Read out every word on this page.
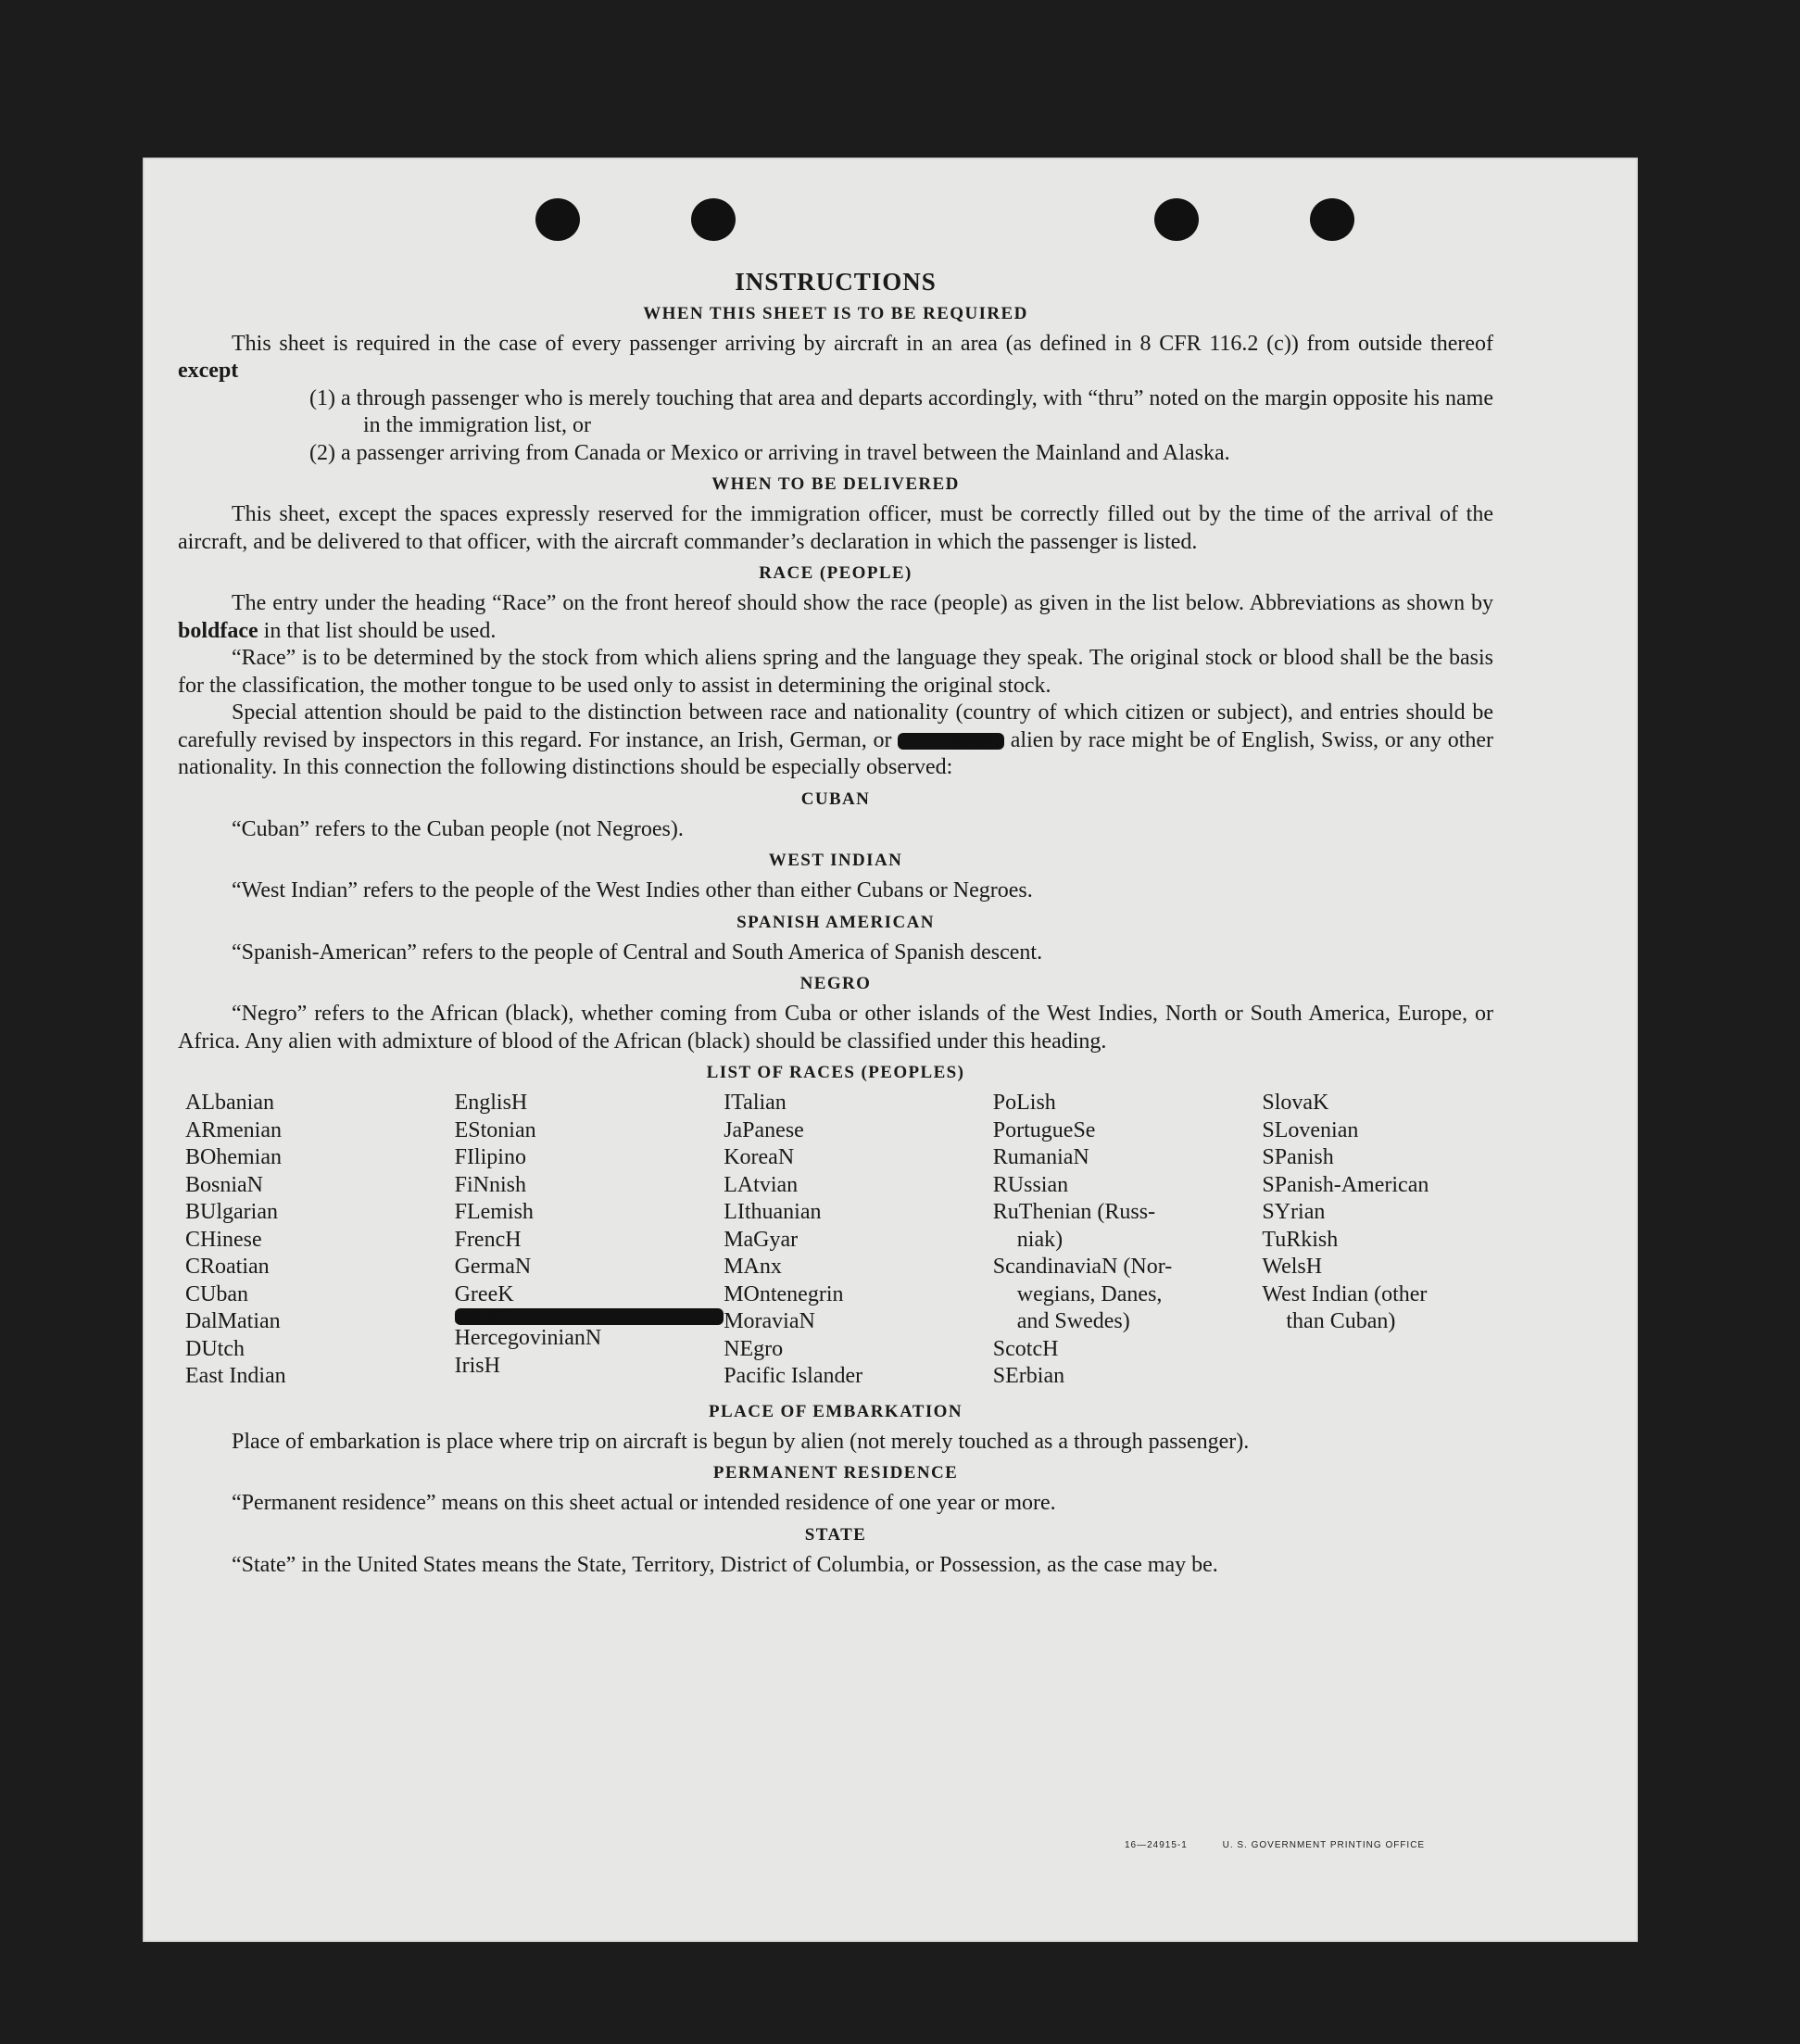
INSTRUCTIONS
WHEN THIS SHEET IS TO BE REQUIRED

This sheet is required in the case of every passenger arriving by aircraft in an area (as defined in 8 CFR 116.2 (c)) from outside thereof except

(1) a through passenger who is merely touching that area and departs accordingly, with “thru” noted on the margin opposite his name in the immigration list, or

(2) a passenger arriving from Canada or Mexico or arriving in travel between the Mainland and Alaska.

WHEN TO BE DELIVERED

This sheet, except the spaces expressly reserved for the immigration officer, must be correctly filled out by the time of the arrival of the aircraft, and be delivered to that officer, with the aircraft commander’s declaration in which the passenger is listed.

RACE (PEOPLE)

The entry under the heading “Race” on the front hereof should show the race (people) as given in the list below. Abbreviations as shown by boldface in that list should be used.

“Race” is to be determined by the stock from which aliens spring and the language they speak. The original stock or blood shall be the basis for the classification, the mother tongue to be used only to assist in determining the original stock.

Special attention should be paid to the distinction between race and nationality (country of which citizen or subject), and entries should be carefully revised by inspectors in this regard. For instance, an Irish, German, or	Hebrew alien by race might be of English, Swiss, or any other nationality. In this connection the following distinctions should be especially observed:

CUBAN

“Cuban” refers to the Cuban people (not Negroes).

WEST INDIAN

“West Indian” refers to the people of the West Indies other than either Cubans or Negroes.

SPANISH AMERICAN

“Spanish-American” refers to the people of Central and South America of Spanish descent.

NEGRO

“Negro” refers to the African (black), whether coming from Cuba or other islands of the West Indies, North or South America, Europe, or Africa. Any alien with admixture of blood of the African (black) should be classified under this heading.

LIST OF RACES (PEOPLES)
ALbanian
ARmenian
BOhemian
BosniaN
BUlgarian
CHinese
CRoatian
CUban
DalMatian
DUtch
East Indian
EnglisH
EStonian
FIlipino
FiNnish
FLemish
FrencH
GermaN
GreeK
HebreW
HercegovinianN
IrisH
ITalian
JaPanese
KoreaN
LAtvian
LIthuanian
MaGyar
MAnx
MOntenegrin
MoraviaN
NEgro
Pacific Islander
PoLish
PortugueSe
RumaniaN
RUssian
RuThenian (Russ-
niak)
ScandinaviaN (Nor-
wegians, Danes,
and Swedes)
ScotcH
SErbian
SlovaK
SLovenian
SPanish
SPanish-American
SYrian
TuRkish
WelsH
West Indian (other
than Cuban)
PLACE OF EMBARKATION

Place of embarkation is place where trip on aircraft is begun by alien (not merely touched as a through passenger).

PERMANENT RESIDENCE

“Permanent residence” means on this sheet actual or intended residence of one year or more.

STATE

“State” in the United States means the State, Territory, District of Columbia, or Possession, as the case may be.

16—24915-1	U. S. GOVERNMENT PRINTING OFFICE
